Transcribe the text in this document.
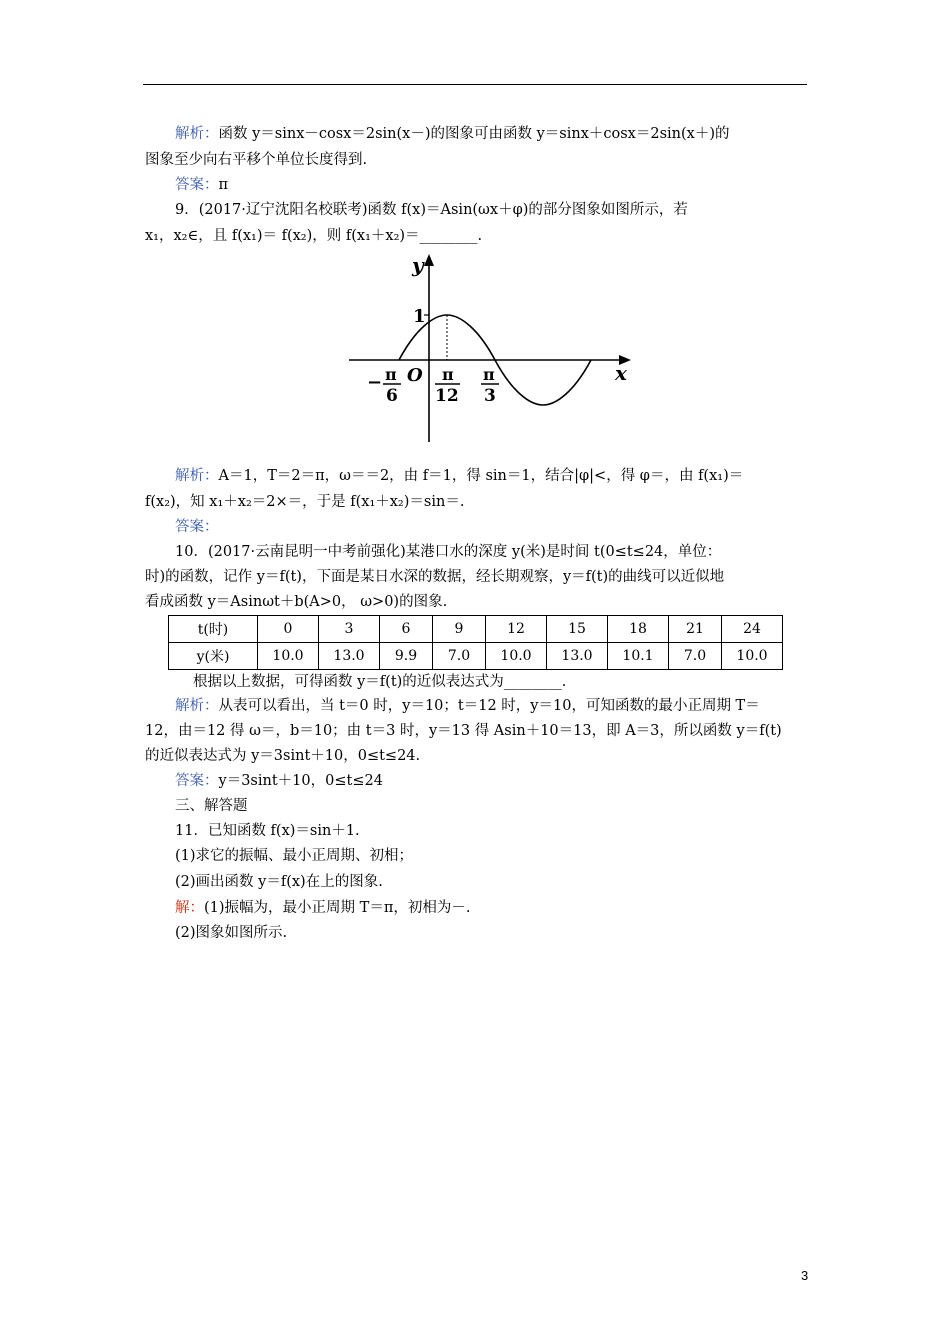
解析：函数 y＝sinx－cosx＝2sin(x－)的图象可由函数 y＝sinx＋cosx＝2sin(x＋)的
图象至少向右平移个单位长度得到.
答案：π
9．(2017·辽宁沈阳名校联考)函数 f(x)＝Asin(ωx＋φ)的部分图象如图所示，若
x₁，x₂∈，且 f(x₁)＝ f(x₂)，则 f(x₁＋x₂)＝________.
y
x
1
O
− π
6
π
12
π
3
解析：A＝1，T＝2＝π，ω＝＝2，由 f＝1，得 sin＝1，结合|φ|<，得 φ＝，由 f(x₁)＝
f(x₂)，知 x₁＋x₂＝2×＝，于是 f(x₁＋x₂)＝sin＝.
答案：
10．(2017·云南昆明一中考前强化)某港口水的深度 y(米)是时间 t(0≤t≤24，单位：
时)的函数，记作 y＝f(t)，下面是某日水深的数据，经长期观察，y＝f(t)的曲线可以近似地
看成函数 y＝Asinωt＋b(A>0， ω>0)的图象.
t(时)	0	3	6	9	12	15	18	21	24
y(米)	10.0	13.0	9.9	7.0	10.0	13.0	10.1	7.0	10.0
根据以上数据，可得函数 y＝f(t)的近似表达式为________.
解析：从表可以看出，当 t＝0 时，y＝10；t＝12 时，y＝10，可知函数的最小正周期 T＝
12，由＝12 得 ω＝，b＝10；由 t＝3 时，y＝13 得 Asin＋10＝13，即 A＝3，所以函数 y＝f(t)
的近似表达式为 y＝3sint＋10，0≤t≤24.
答案：y＝3sint＋10，0≤t≤24
三、解答题
11．已知函数 f(x)＝sin＋1.
(1)求它的振幅、最小正周期、初相；
(2)画出函数 y＝f(x)在上的图象.
解：(1)振幅为，最小正周期 T＝π，初相为－.
(2)图象如图所示.
3
